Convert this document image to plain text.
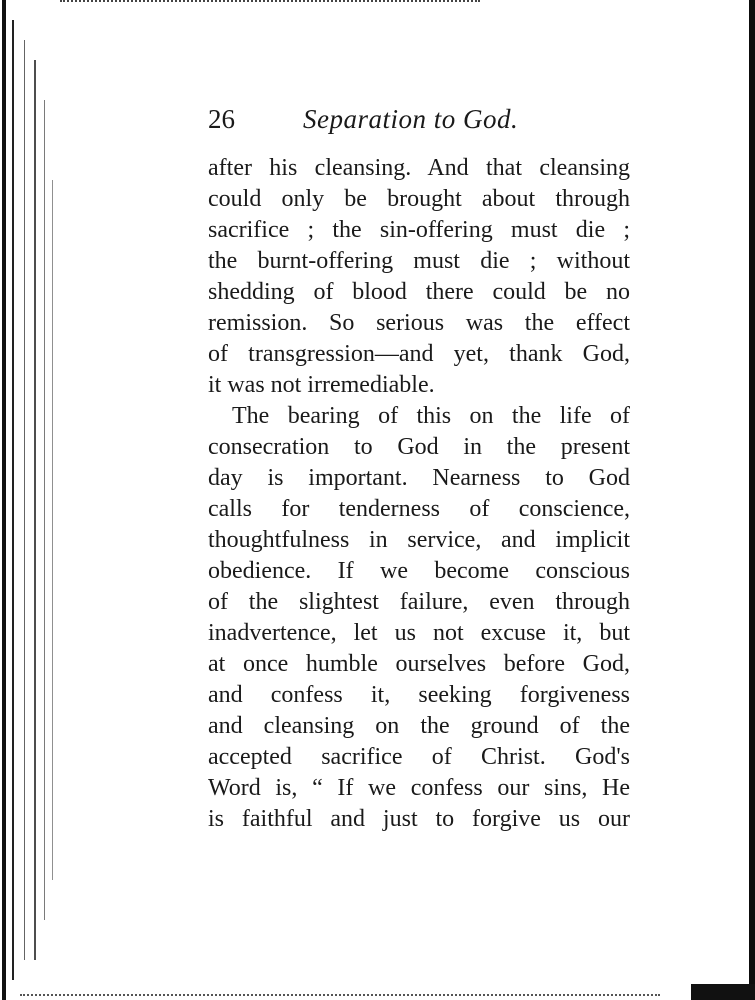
26	Separation to God.
after his cleansing. And that cleansing
could only be brought about through
sacrifice ; the sin-offering must die ;
the burnt-offering must die ; without
shedding of blood there could be no
remission. So serious was the effect
of transgression—and yet, thank God,
it was not irremediable.
The bearing of this on the life of
consecration to God in the present
day is important. Nearness to God
calls for tenderness of conscience,
thoughtfulness in service, and implicit
obedience. If we become conscious
of the slightest failure, even through
inadvertence, let us not excuse it, but
at once humble ourselves before God,
and confess it, seeking forgiveness
and cleansing on the ground of the
accepted sacrifice of Christ. God's
Word is, “ If we confess our sins, He
is faithful and just to forgive us our
